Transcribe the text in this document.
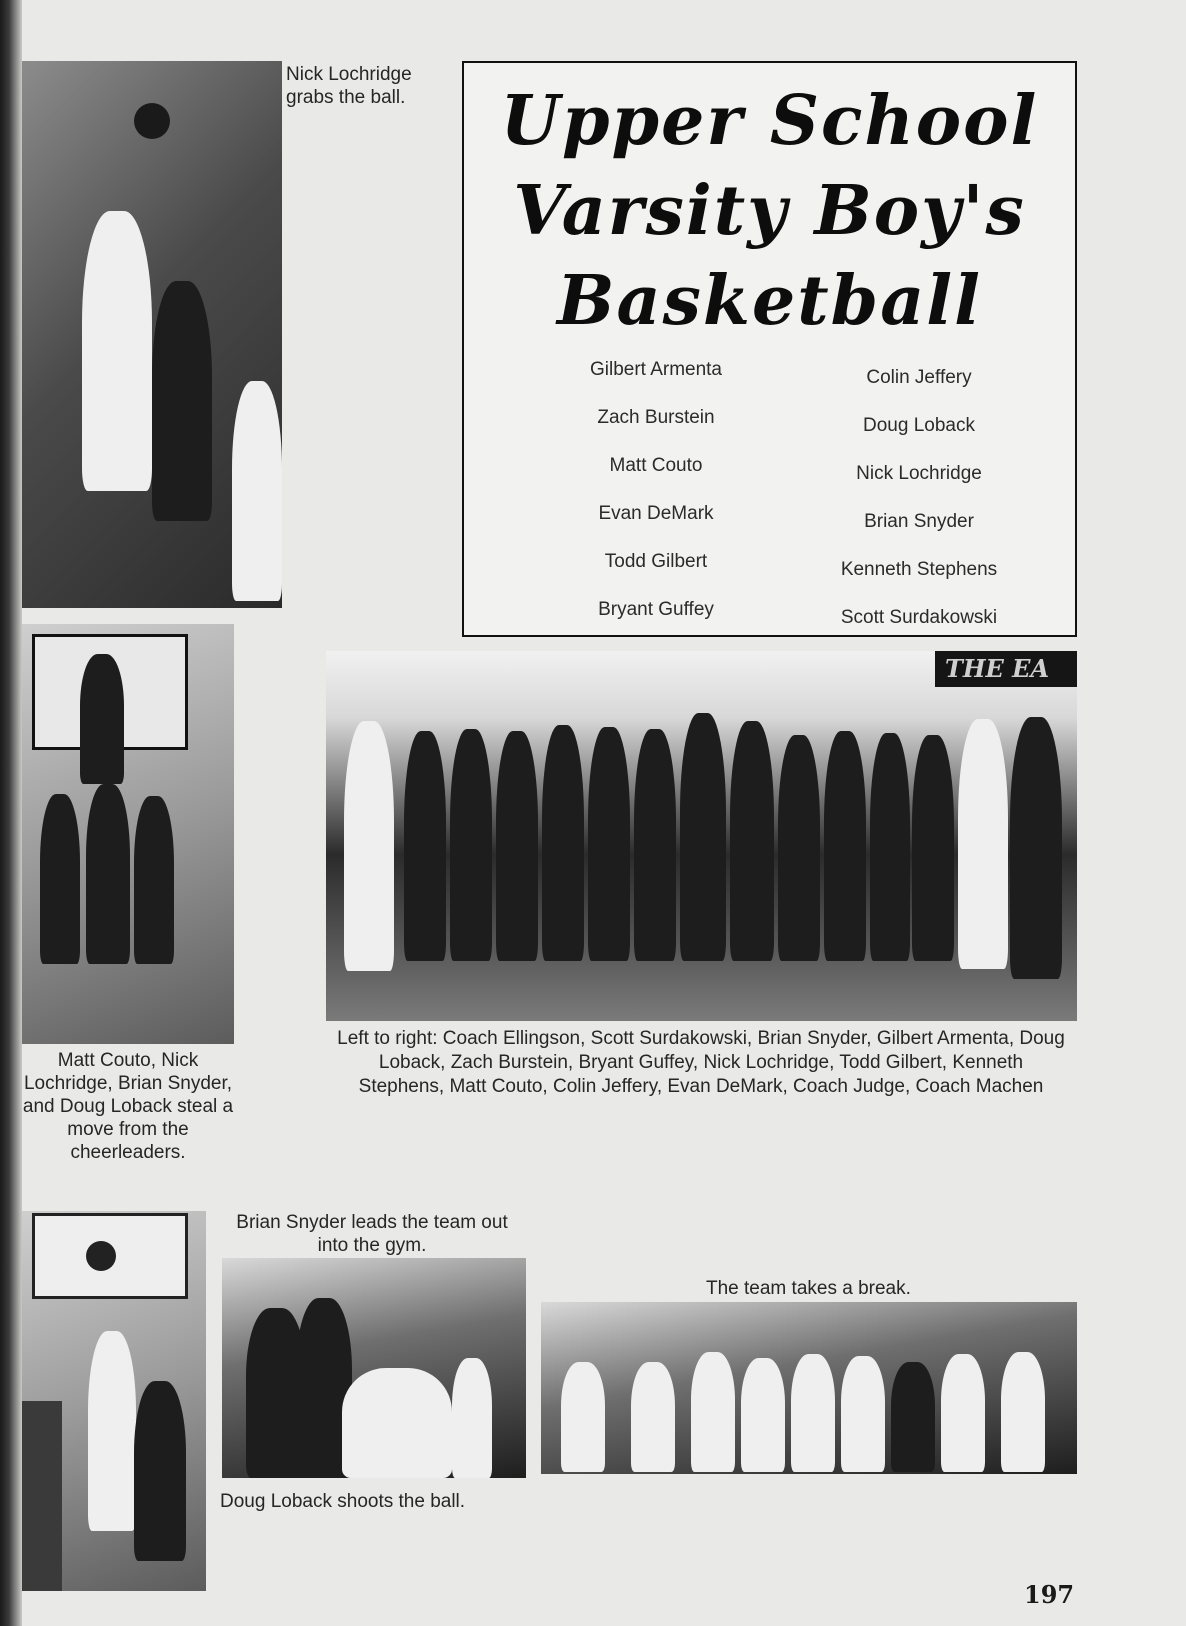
Nick Lochridge grabs the ball.	Upper School
Varsity Boy's
Basketball
Gilbert Armenta
Zach Burstein
Matt Couto
Evan DeMark
Todd Gilbert
Bryant Guffey
Colin Jeffery
Doug Loback
Nick Lochridge
Brian Snyder
Kenneth Stephens
Scott Surdakowski
Matt Couto, Nick Lochridge, Brian Snyder, and Doug Loback steal a move from the cheerleaders.
THE EA
Left to right: Coach Ellingson, Scott Surdakowski, Brian Snyder, Gilbert Armenta, Doug Loback, Zach Burstein, Bryant Guffey, Nick Lochridge, Todd Gilbert, Kenneth Stephens, Matt Couto, Colin Jeffery, Evan DeMark, Coach Judge, Coach Machen
Brian Snyder leads the team out into the gym.
Doug Loback shoots the ball.
The team takes a break.
197
